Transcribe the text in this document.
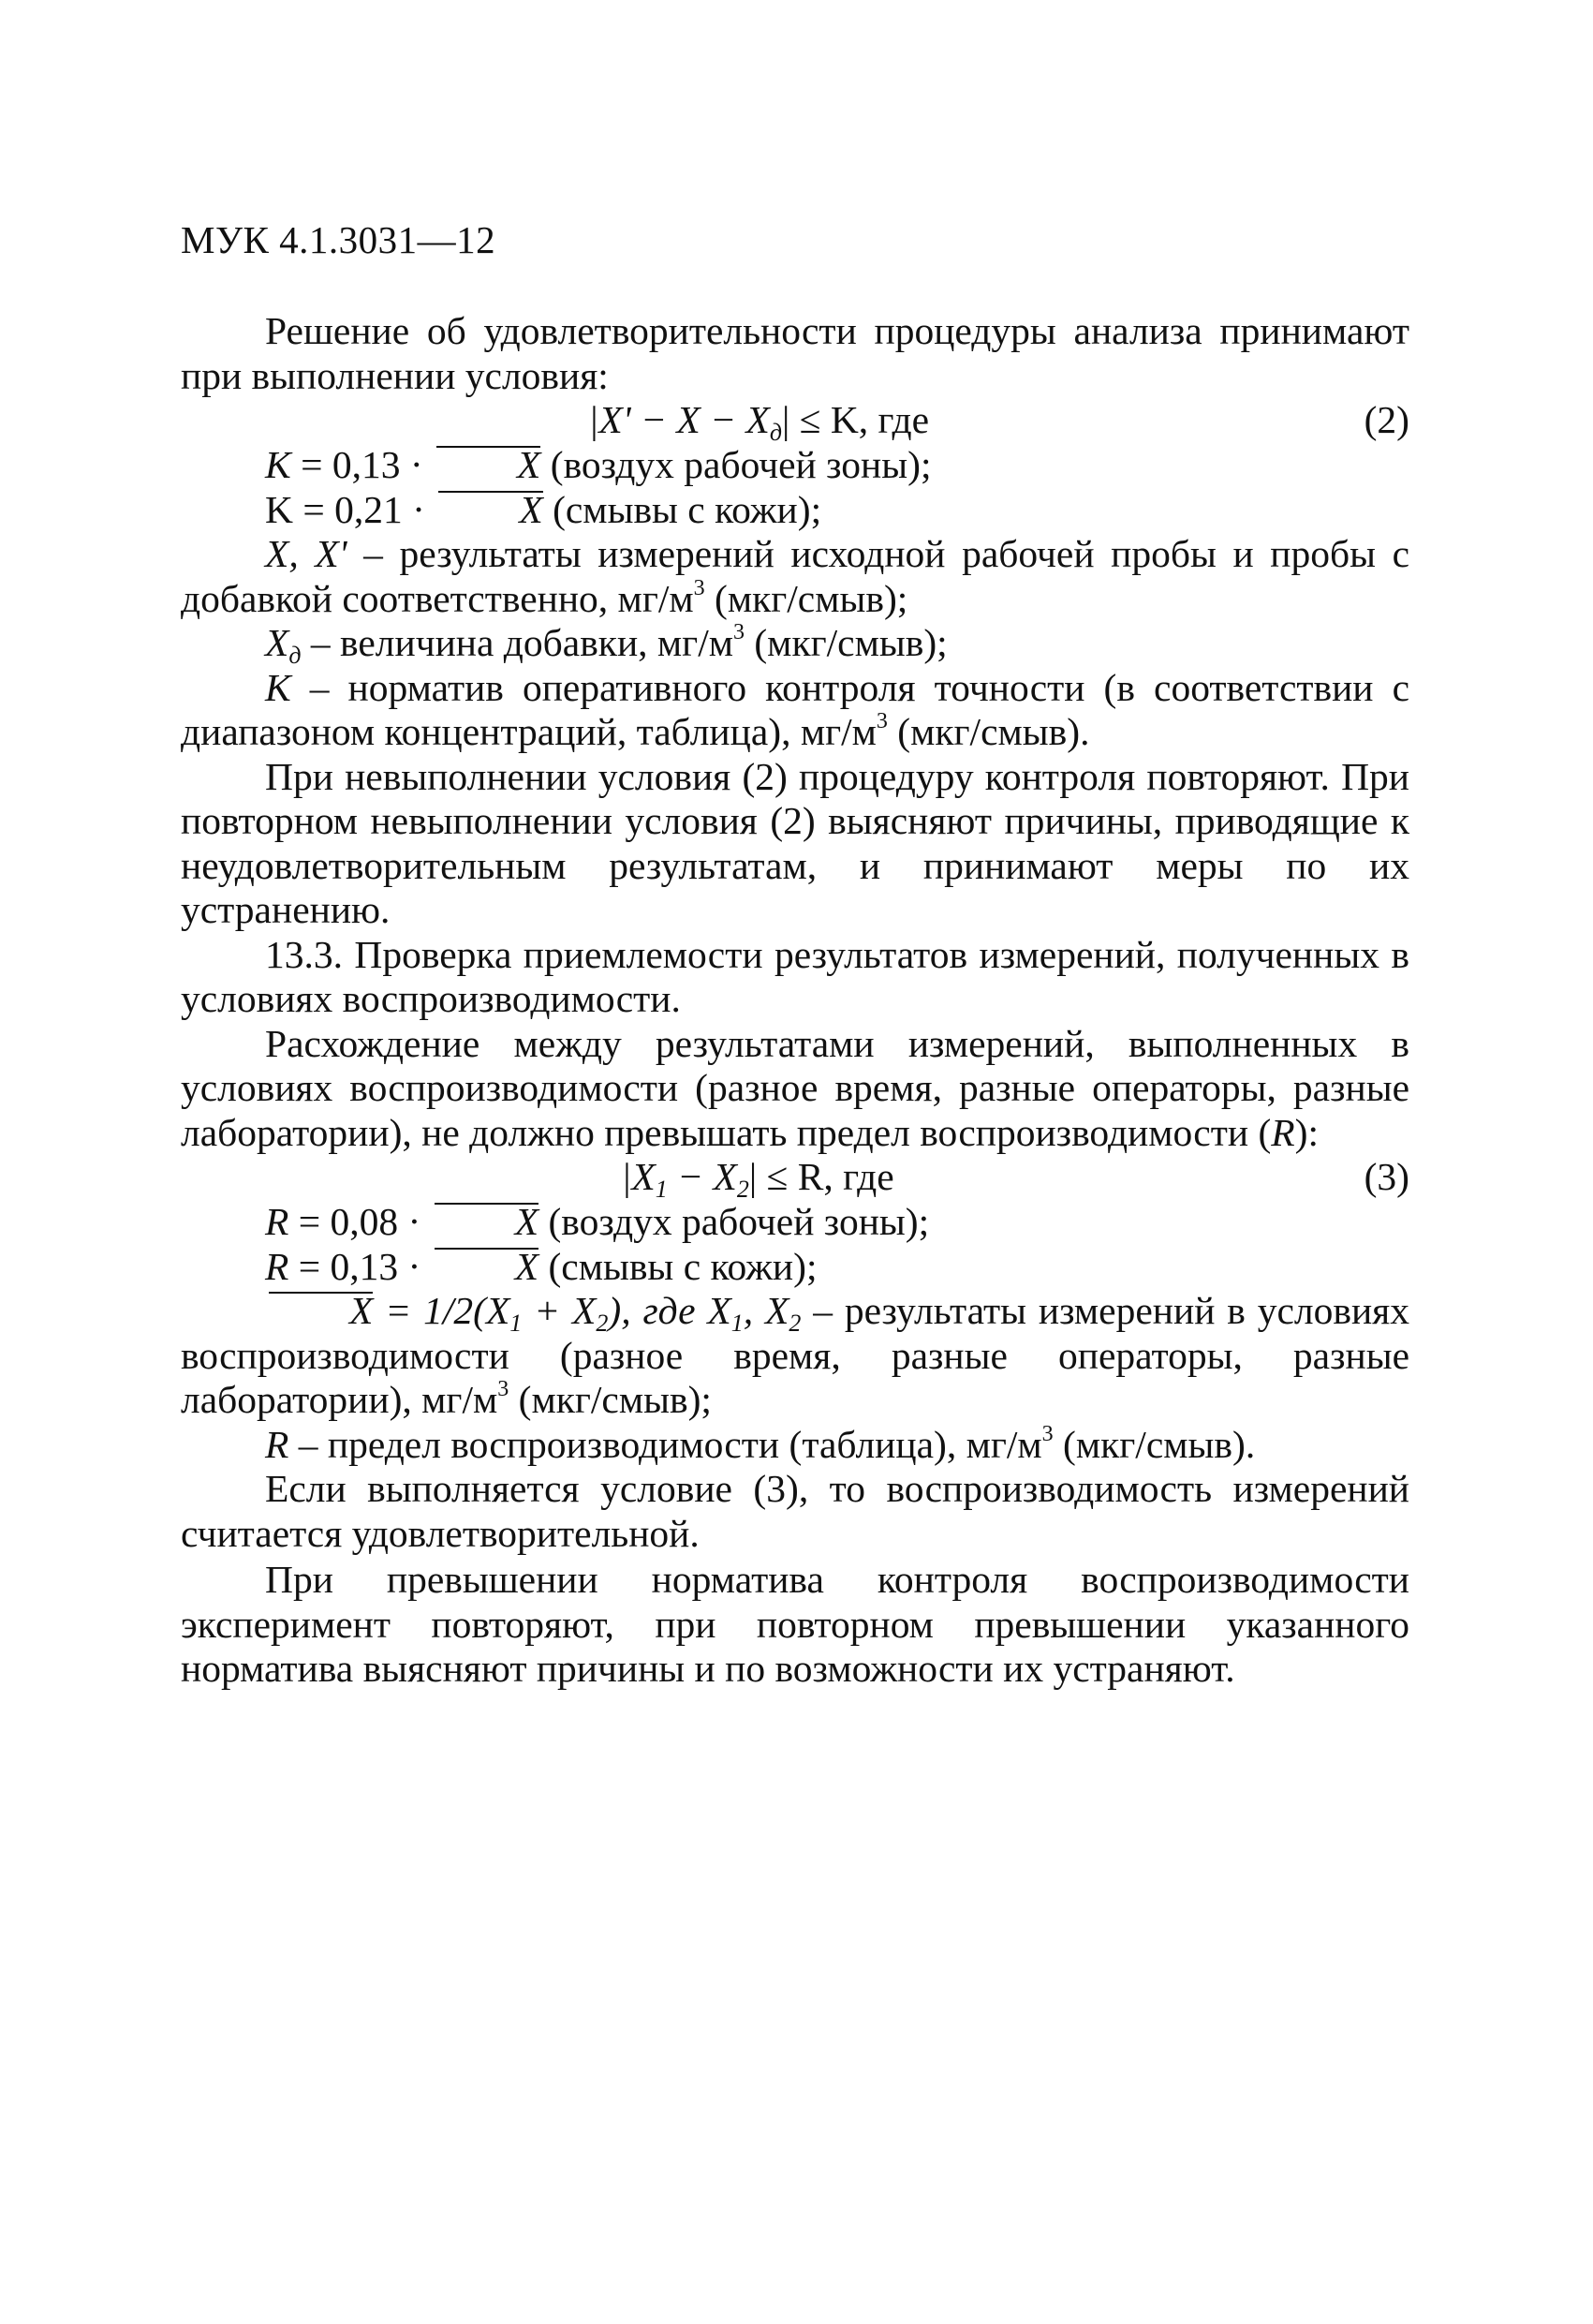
МУК 4.1.3031—12

Решение об удовлетворительности процедуры анализа принимают при выполнении условия:

$|X' - X - X_д| \le K$, где	(2)

K = 0,13 · X (воздух рабочей зоны);

K = 0,21 · X (смывы с кожи);

X, X' – результаты измерений исходной рабочей пробы и пробы с добавкой соответственно, $мг/м^3$ (мкг/смыв);

$X_д$ – величина добавки, $мг/м^3$ (мкг/смыв);

K – норматив оперативного контроля точности (в соответствии с диапазоном концентраций, таблица), $мг/м^3$ (мкг/смыв).

При невыполнении условия (2) процедуру контроля повторяют. При повторном невыполнении условия (2) выясняют причины, приводящие к неудовлетворительным результатам, и принимают меры по их устранению.

13.3. Проверка приемлемости результатов измерений, полученных в условиях воспроизводимости.

Расхождение между результатами измерений, выполненных в условиях воспроизводимости (разное время, разные операторы, разные лаборатории), не должно превышать предел воспроизводимости (R):

$|X_1 - X_2| \le R$, где	(3)

R = 0,08 · X (воздух рабочей зоны);

R = 0,13 · X (смывы с кожи);

$X = 1/2(X_1 + X_2)$, где $X_1$, $X_2$ – результаты измерений в условиях воспроизводимости (разное время, разные операторы, разные лаборатории), $мг/м^3$ (мкг/смыв);

R – предел воспроизводимости (таблица), $мг/м^3$ (мкг/смыв).

Если выполняется условие (3), то воспроизводимость измерений считается удовлетворительной.

При превышении норматива контроля воспроизводимости эксперимент повторяют, при повторном превышении указанного норматива выясняют причины и по возможности их устраняют.
